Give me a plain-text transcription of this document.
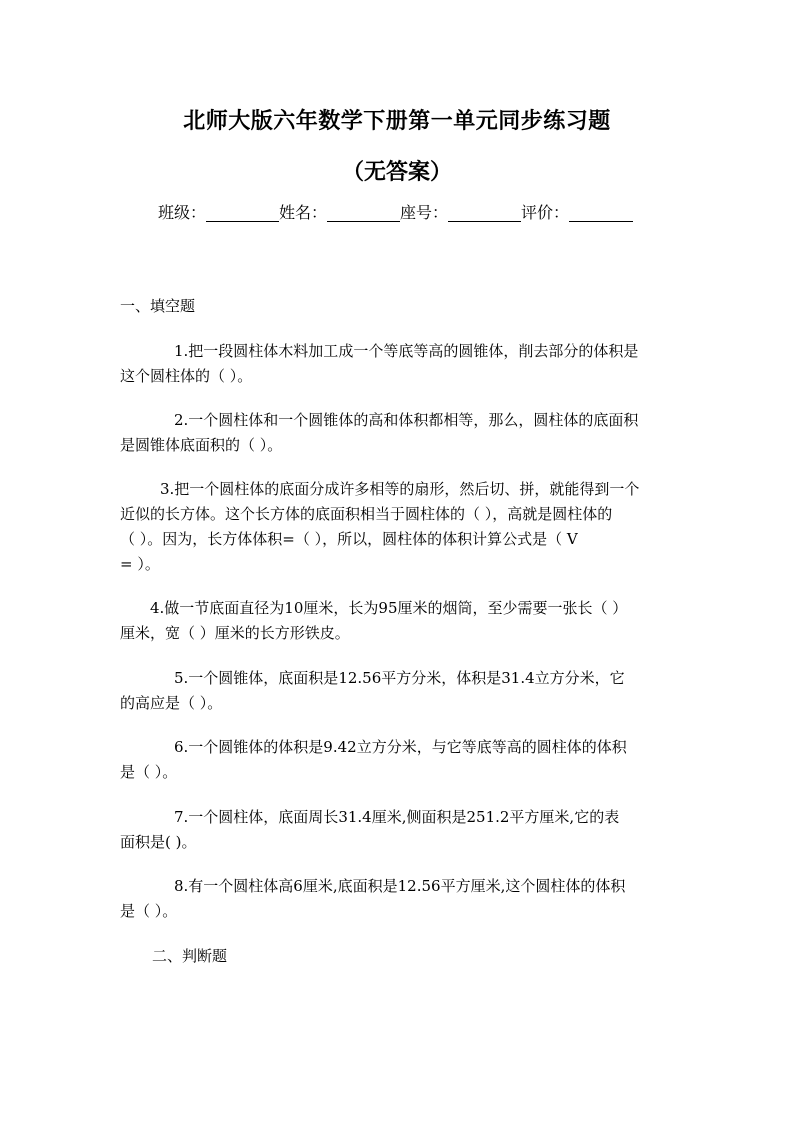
北师大版六年数学下册第一单元同步练习题
（无答案）
班级：	姓名：	座号：	评价：
一、填空题
1.把一段圆柱体木料加工成一个等底等高的圆锥体，削去部分的体积是
这个圆柱体的（ ）。
2.一个圆柱体和一个圆锥体的高和体积都相等，那么，圆柱体的底面积
是圆锥体底面积的（ ）。
3.把一个圆柱体的底面分成许多相等的扇形，然后切、拼，就能得到一个
近似的长方体。这个长方体的底面积相当于圆柱体的（ ），高就是圆柱体的
（ ）。因为，长方体体积=（ ），所以，圆柱体的体积计算公式是（ V
= ）。
4.做一节底面直径为10厘米，长为95厘米的烟筒，至少需要一张长（ ）
厘米，宽（ ）厘米的长方形铁皮。
5.一个圆锥体，底面积是12.56平方分米，体积是31.4立方分米，它
的高应是（ ）。
6.一个圆锥体的体积是9.42立方分米，与它等底等高的圆柱体的体积
是（ ）。
7.一个圆柱体，底面周长31.4厘米,侧面积是251.2平方厘米,它的表
面积是( )。
8.有一个圆柱体高6厘米,底面积是12.56平方厘米,这个圆柱体的体积
是（ ）。
二、判断题
